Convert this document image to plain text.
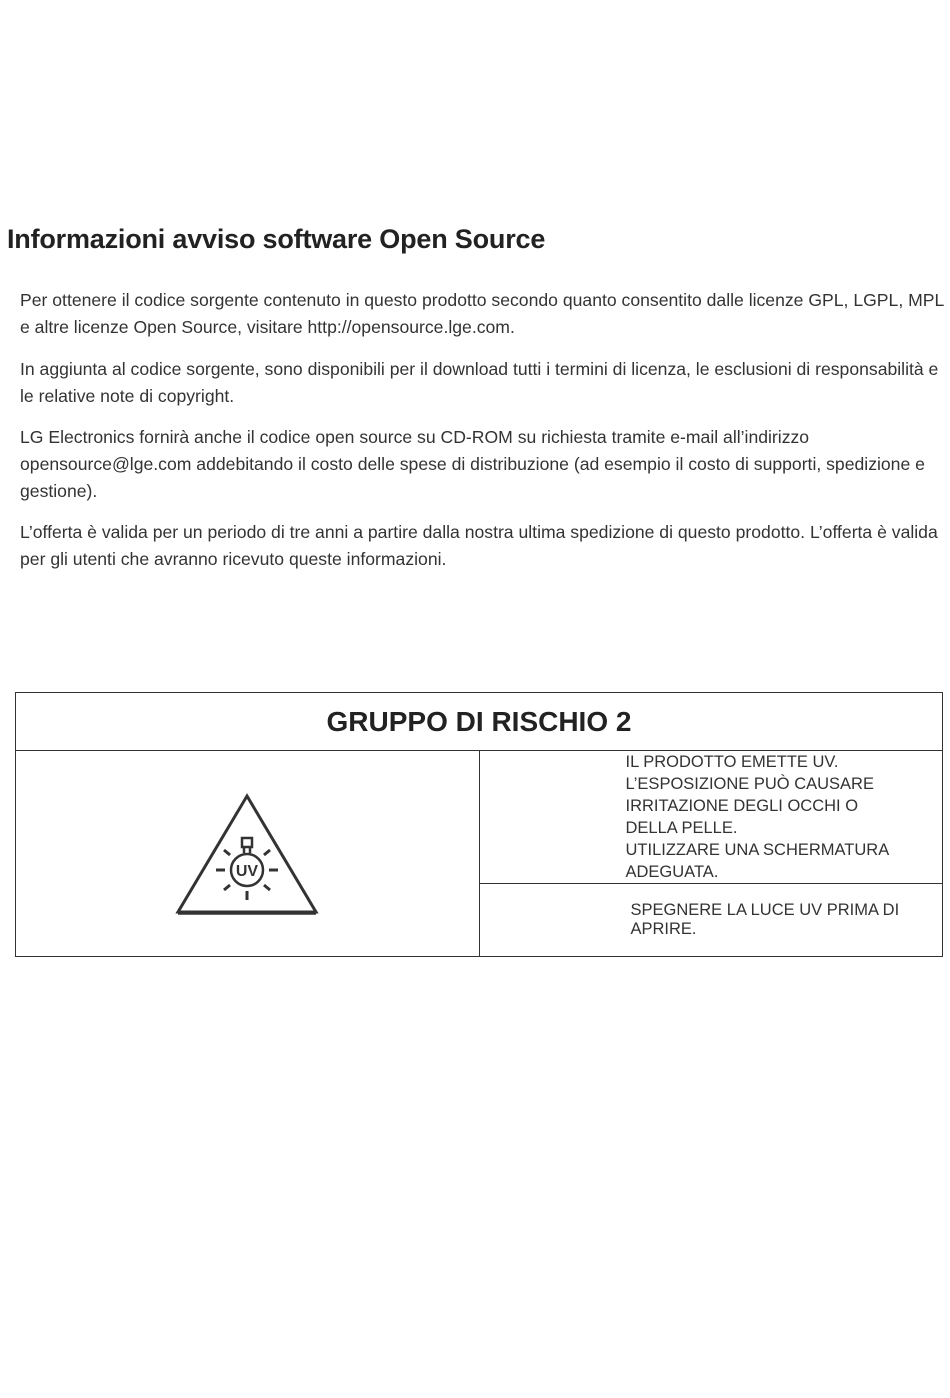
Informazioni avviso software Open Source

Per ottenere il codice sorgente contenuto in questo prodotto secondo quanto consentito dalle licenze GPL, LGPL, MPL e altre licenze Open Source, visitare http://opensource.lge.com.

In aggiunta al codice sorgente, sono disponibili per il download tutti i termini di licenza, le esclusioni di responsabilità e le relative note di copyright.

LG Electronics fornirà anche il codice open source su CD-ROM su richiesta tramite e-mail all’indirizzo opensource@lge.com addebitando il costo delle spese di distribuzione (ad esempio il costo di supporti, spedizione e gestione).

L’offerta è valida per un periodo di tre anni a partire dalla nostra ultima spedizione di questo prodotto. L’offerta è valida per gli utenti che avranno ricevuto queste informazioni.

GRUPPO DI RISCHIO 2

UV

IL PRODOTTO EMETTE UV.
L’ESPOSIZIONE PUÒ CAUSARE IRRITAZIONE DEGLI OCCHI O DELLA PELLE.
UTILIZZARE UNA SCHERMATURA ADEGUATA.

SPEGNERE LA LUCE UV PRIMA DI APRIRE.
